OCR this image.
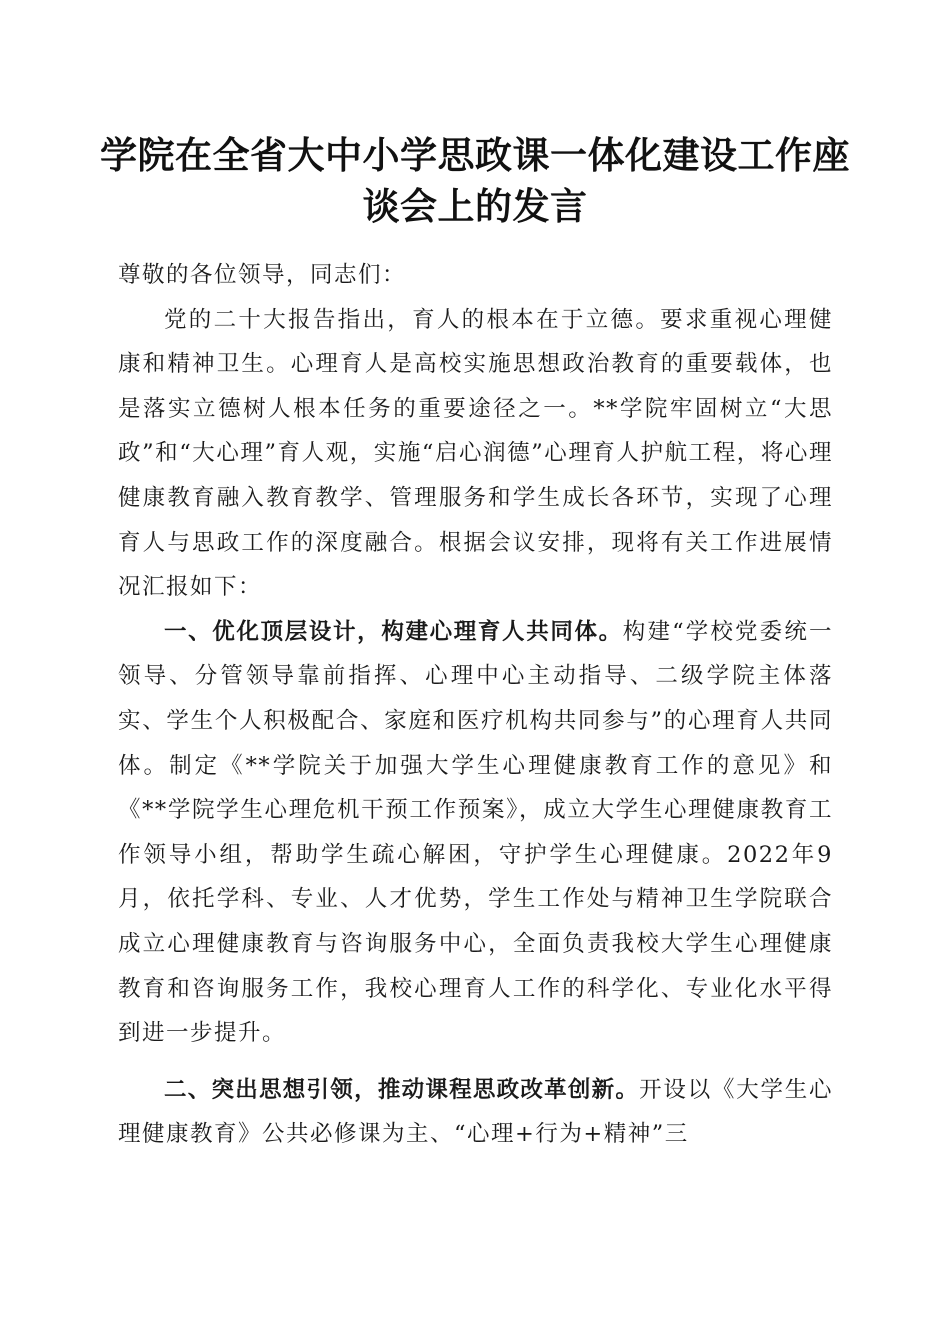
学院在全省大中小学思政课一体化建设工作座
谈会上的发言

尊敬的各位领导，同志们：

党的二十大报告指出，育人的根本在于立德。要求重视心理健康和精神卫生。心理育人是高校实施思想政治教育的重要载体，也是落实立德树人根本任务的重要途径之一。**学院牢固树立“大思政”和“大心理”育人观，实施“启心润德”心理育人护航工程，将心理健康教育融入教育教学、管理服务和学生成长各环节，实现了心理育人与思政工作的深度融合。根据会议安排，现将有关工作进展情况汇报如下：

一、优化顶层设计，构建心理育人共同体。构建“学校党委统一领导、分管领导靠前指挥、心理中心主动指导、二级学院主体落实、学生个人积极配合、家庭和医疗机构共同参与”的心理育人共同体。制定《**学院关于加强大学生心理健康教育工作的意见》和《**学院学生心理危机干预工作预案》，成立大学生心理健康教育工作领导小组，帮助学生疏心解困，守护学生心理健康。2022年9月，依托学科、专业、人才优势，学生工作处与精神卫生学院联合成立心理健康教育与咨询服务中心，全面负责我校大学生心理健康教育和咨询服务工作，我校心理育人工作的科学化、专业化水平得到进一步提升。

二、突出思想引领，推动课程思政改革创新。开设以《大学生心理健康教育》公共必修课为主、“心理+行为+精神”三
